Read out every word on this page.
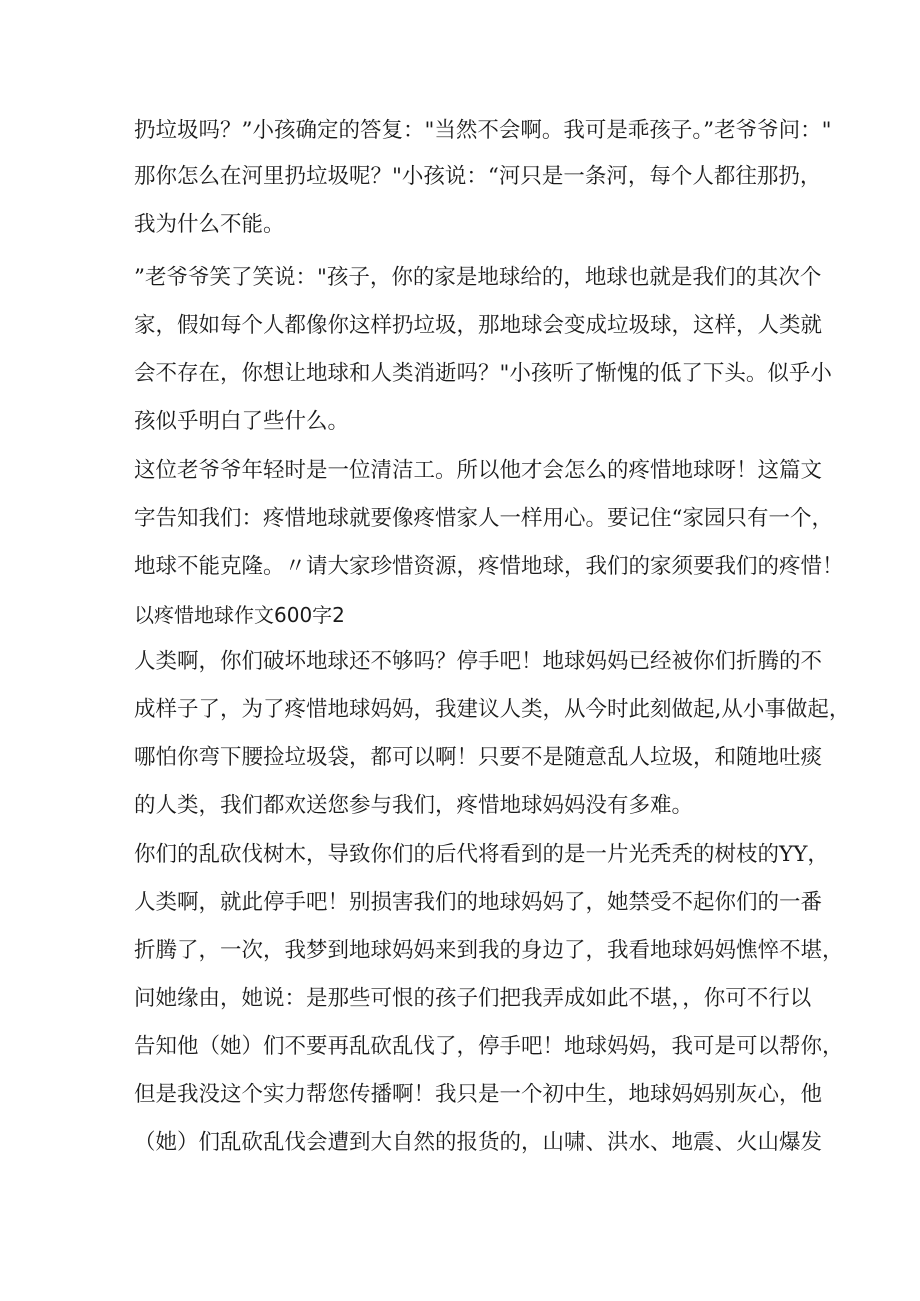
扔垃圾吗？”小孩确定的答复："当然不会啊。我可是乖孩子。”老爷爷问："
那你怎么在河里扔垃圾呢？"小孩说：“河只是一条河，每个人都往那扔，
我为什么不能。
”老爷爷笑了笑说："孩子，你的家是地球给的，地球也就是我们的其次个
家，假如每个人都像你这样扔垃圾，那地球会变成垃圾球，这样，人类就
会不存在，你想让地球和人类消逝吗？"小孩听了惭愧的低了下头。似乎小
孩似乎明白了些什么。
这位老爷爷年轻时是一位清洁工。所以他才会怎么的疼惜地球呀！这篇文
字告知我们：疼惜地球就要像疼惜家人一样用心。要记住“家园只有一个，
地球不能克隆。〃请大家珍惜资源，疼惜地球，我们的家须要我们的疼惜！
以疼惜地球作文600字2
人类啊，你们破坏地球还不够吗？停手吧！地球妈妈已经被你们折腾的不
成样子了，为了疼惜地球妈妈，我建议人类，从今时此刻做起,从小事做起，
哪怕你弯下腰捡垃圾袋，都可以啊！只要不是随意乱人垃圾，和随地吐痰
的人类，我们都欢送您参与我们，疼惜地球妈妈没有多难。
你们的乱砍伐树木，导致你们的后代将看到的是一片光秃秃的树枝的YY，
人类啊，就此停手吧！别损害我们的地球妈妈了，她禁受不起你们的一番
折腾了，一次，我梦到地球妈妈来到我的身边了，我看地球妈妈憔悴不堪，
问她缘由，她说：是那些可恨的孩子们把我弄成如此不堪，，你可不行以
告知他（她）们不要再乱砍乱伐了，停手吧！地球妈妈，我可是可以帮你，
但是我没这个实力帮您传播啊！我只是一个初中生，地球妈妈别灰心，他
（她）们乱砍乱伐会遭到大自然的报货的，山啸、洪水、地震、火山爆发
